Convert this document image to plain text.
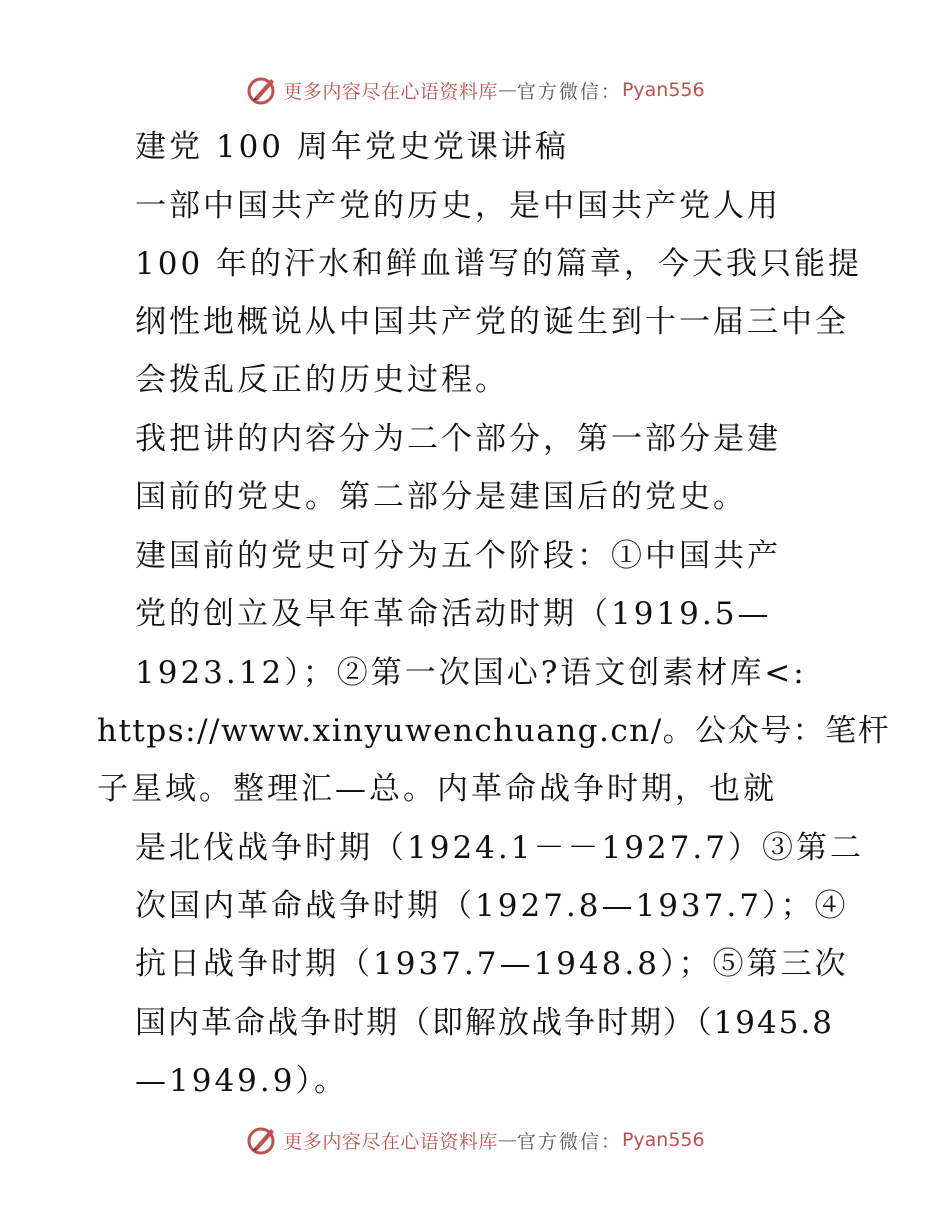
更多内容尽在心语资料库 — 官方微信： Pyan556
建党 100 周年党史党课讲稿
一部中国共产党的历史，是中国共产党人用
100 年的汗水和鲜血谱写的篇章，今天我只能提
纲性地概说从中国共产党的诞生到十一届三中全
会拨乱反正的历史过程。
我把讲的内容分为二个部分，第一部分是建
国前的党史。第二部分是建国后的党史。
建国前的党史可分为五个阶段：①中国共产
党的创立及早年革命活动时期（1919.5—
1923.12）；②第一次国心?语文创素材库<:
https://www.xinyuwenchuang.cn/。公众号：笔杆
子星域。整理汇—总。内革命战争时期，也就
是北伐战争时期（1924.1－－1927.7）③第二
次国内革命战争时期（1927.8—1937.7）；④
抗日战争时期（1937.7—1948.8）；⑤第三次
国内革命战争时期（即解放战争时期）（1945.8
—1949.9）。
更多内容尽在心语资料库 — 官方微信： Pyan556
